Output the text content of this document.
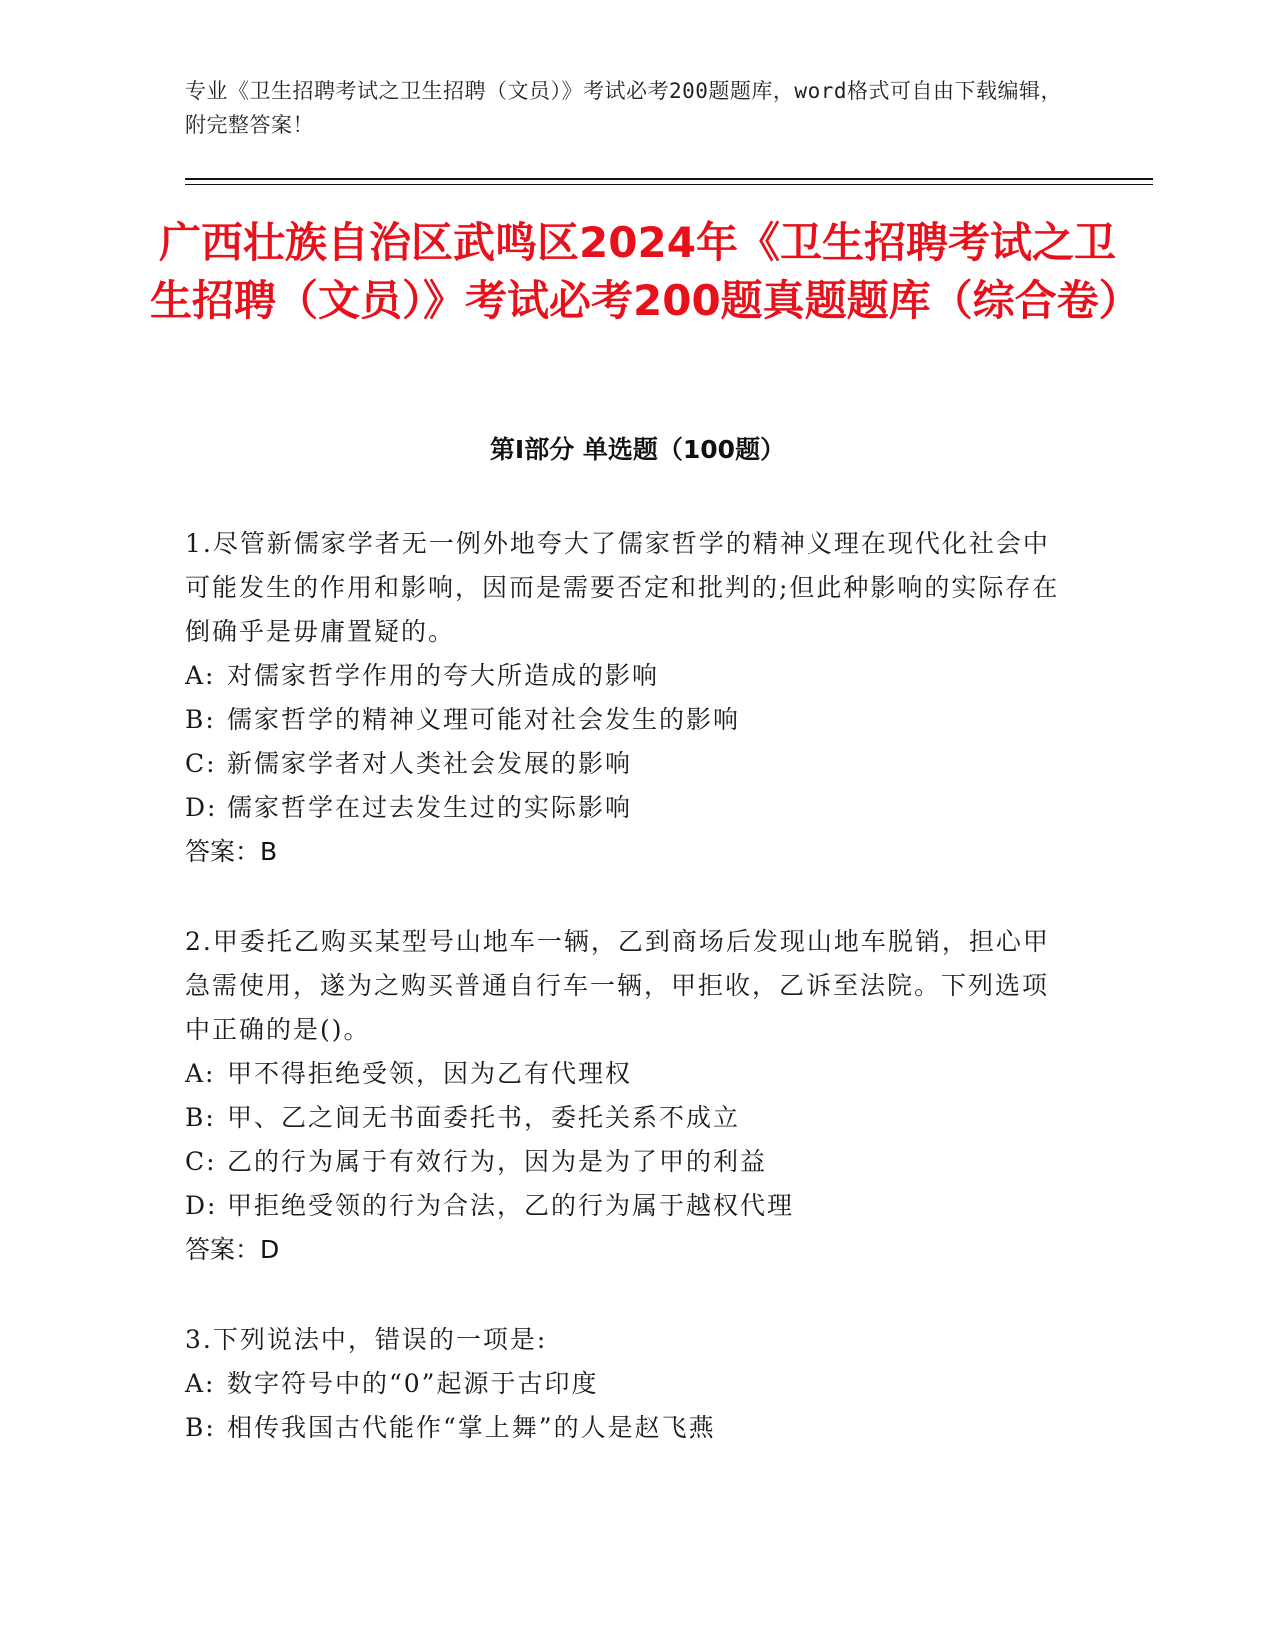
专业《卫生招聘考试之卫生招聘（文员）》考试必考200题题库，word格式可自由下载编辑，附完整答案！
广西壮族自治区武鸣区2024年《卫生招聘考试之卫生招聘（文员）》考试必考200题真题题库（综合卷）
第Ⅰ部分 单选题（100题）
1.尽管新儒家学者无一例外地夸大了儒家哲学的精神义理在现代化社会中可能发生的作用和影响，因而是需要否定和批判的;但此种影响的实际存在倒确乎是毋庸置疑的。
A: 对儒家哲学作用的夸大所造成的影响
B: 儒家哲学的精神义理可能对社会发生的影响
C: 新儒家学者对人类社会发展的影响
D: 儒家哲学在过去发生过的实际影响
答案：B
2.甲委托乙购买某型号山地车一辆，乙到商场后发现山地车脱销，担心甲急需使用，遂为之购买普通自行车一辆，甲拒收，乙诉至法院。下列选项中正确的是()。
A: 甲不得拒绝受领，因为乙有代理权
B: 甲、乙之间无书面委托书，委托关系不成立
C: 乙的行为属于有效行为，因为是为了甲的利益
D: 甲拒绝受领的行为合法，乙的行为属于越权代理
答案：D
3.下列说法中，错误的一项是:
A: 数字符号中的“0”起源于古印度
B: 相传我国古代能作“掌上舞”的人是赵飞燕
